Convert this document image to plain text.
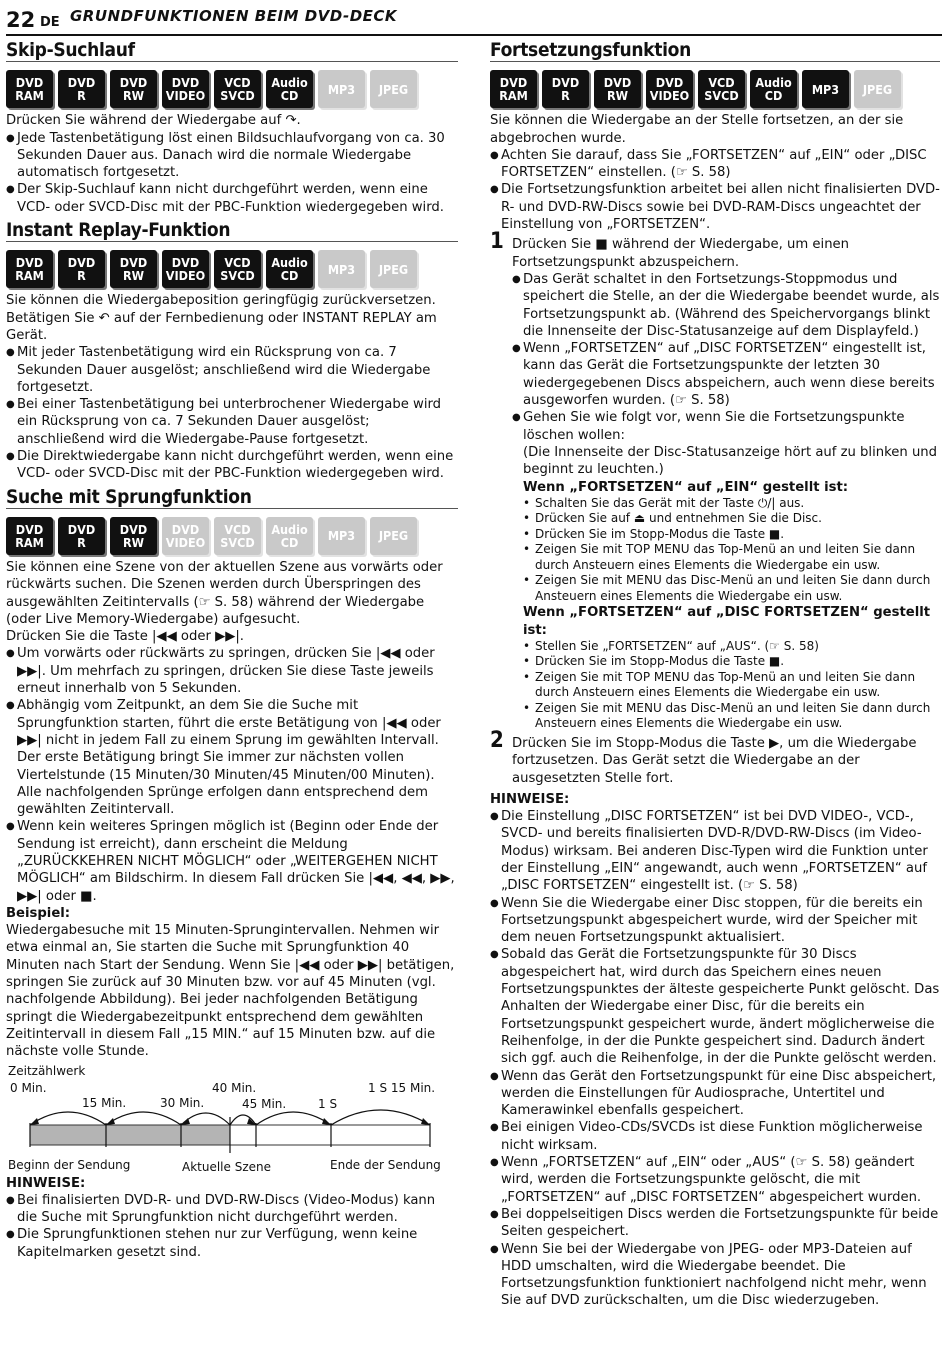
22 DE GRUNDFUNKTIONEN BEIM DVD-DECK
Skip-Suchlauf
DVD
RAM
DVD
R
DVD
RW
DVD
VIDEO
VCD
SVCD
Audio
CD	MP3	JPEG

Drücken Sie während der Wiedergabe auf ↷.

● Jede Tastenbetätigung löst einen Bildsuchlaufvorgang von ca. 30 Sekunden Dauer aus. Danach wird die normale Wiedergabe automatisch fortgesetzt.
● Der Skip-Suchlauf kann nicht durchgeführt werden, wenn eine VCD- oder SVCD-Disc mit der PBC-Funktion wiedergegeben wird.
Instant Replay-Funktion
DVD
RAM
DVD
R
DVD
RW
DVD
VIDEO
VCD
SVCD
Audio
CD	MP3	JPEG

Sie können die Wiedergabeposition geringfügig zurückversetzen. Betätigen Sie ↶ auf der Fernbedienung oder INSTANT REPLAY am Gerät.

● Mit jeder Tastenbetätigung wird ein Rücksprung von ca. 7 Sekunden Dauer ausgelöst; anschließend wird die Wiedergabe fortgesetzt.
● Bei einer Tastenbetätigung bei unterbrochener Wiedergabe wird ein Rücksprung von ca. 7 Sekunden Dauer ausgelöst; anschließend wird die Wiedergabe-Pause fortgesetzt.
● Die Direktwiedergabe kann nicht durchgeführt werden, wenn eine VCD- oder SVCD-Disc mit der PBC-Funktion wiedergegeben wird.
Suche mit Sprungfunktion
DVD
RAM
DVD
R
DVD
RW
DVD
VIDEO
VCD
SVCD
Audio
CD	MP3	JPEG

Sie können eine Szene von der aktuellen Szene aus vorwärts oder rückwärts suchen. Die Szenen werden durch Überspringen des ausgewählten Zeitintervalls (☞ S. 58) während der Wiedergabe (oder Live Memory-Wiedergabe) aufgesucht.

Drücken Sie die Taste |◀◀ oder ▶▶|.

● Um vorwärts oder rückwärts zu springen, drücken Sie |◀◀ oder ▶▶|. Um mehrfach zu springen, drücken Sie diese Taste jeweils erneut innerhalb von 5 Sekunden.
● Abhängig vom Zeitpunkt, an dem Sie die Suche mit Sprungfunktion starten, führt die erste Betätigung von |◀◀ oder ▶▶| nicht in jedem Fall zu einem Sprung im gewählten Intervall. Der erste Betätigung bringt Sie immer zur nächsten vollen Viertelstunde (15 Minuten/30 Minuten/45 Minuten/00 Minuten). Alle nachfolgenden Sprünge erfolgen dann entsprechend dem gewählten Zeitintervall.
● Wenn kein weiteres Springen möglich ist (Beginn oder Ende der Sendung ist erreicht), dann erscheint die Meldung „ZURÜCKKEHREN NICHT MÖGLICH“ oder „WEITERGEHEN NICHT MÖGLICH“ am Bildschirm. In diesem Fall drücken Sie |◀◀, ◀◀, ▶▶, ▶▶| oder ■.

Beispiel:

Wiedergabesuche mit 15 Minuten-Sprungintervallen. Nehmen wir etwa einmal an, Sie starten die Suche mit Sprungfunktion 40 Minuten nach Start der Sendung. Wenn Sie |◀◀ oder ▶▶| betätigen, springen Sie zurück auf 30 Minuten bzw. vor auf 45 Minuten (vgl. nachfolgende Abbildung). Bei jeder nachfolgenden Betätigung springt die Wiedergabezeitpunkt entsprechend dem gewählten Zeitintervall in diesem Fall „15 MIN.“ auf 15 Minuten bzw. auf die nächste volle Stunde.

Zeitzählwerk
0 Min.	40 Min.	1 S 15 Min.
15 Min.	30 Min.	45 Min.	1 S
Beginn der Sendung	Aktuelle Szene	Ende der Sendung

HINWEISE:

● Bei finalisierten DVD-R- und DVD-RW-Discs (Video-Modus) kann die Suche mit Sprungfunktion nicht durchgeführt werden.
● Die Sprungfunktionen stehen nur zur Verfügung, wenn keine Kapitelmarken gesetzt sind.
Fortsetzungsfunktion
DVD
RAM
DVD
R
DVD
RW
DVD
VIDEO
VCD
SVCD
Audio
CD	MP3	JPEG

Sie können die Wiedergabe an der Stelle fortsetzen, an der sie abgebrochen wurde.

● Achten Sie darauf, dass Sie „FORTSETZEN“ auf „EIN“ oder „DISC FORTSETZEN“ einstellen. (☞ S. 58)
● Die Fortsetzungsfunktion arbeitet bei allen nicht finalisierten DVD-R- und DVD-RW-Discs sowie bei DVD-RAM-Discs ungeachtet der Einstellung von „FORTSETZEN“.
1 Drücken Sie ■ während der Wiedergabe, um einen Fortsetzungspunkt abzuspeichern.

● Das Gerät schaltet in den Fortsetzungs-Stoppmodus und speichert die Stelle, an der die Wiedergabe beendet wurde, als Fortsetzungspunkt ab. (Während des Speichervorgangs blinkt die Innenseite der Disc-Statusanzeige auf dem Displayfeld.)
● Wenn „FORTSETZEN“ auf „DISC FORTSETZEN“ eingestellt ist, kann das Gerät die Fortsetzungspunkte der letzten 30 wiedergegebenen Discs abspeichern, auch wenn diese bereits ausgeworfen wurden. (☞ S. 58)
● Gehen Sie wie folgt vor, wenn Sie die Fortsetzungspunkte löschen wollen:

(Die Innenseite der Disc-Statusanzeige hört auf zu blinken und beginnt zu leuchten.)

Wenn „FORTSETZEN“ auf „EIN“ gestellt ist:

• Schalten Sie das Gerät mit der Taste ⏻/| aus.
• Drücken Sie auf ⏏ und entnehmen Sie die Disc.
• Drücken Sie im Stopp-Modus die Taste ■.
• Zeigen Sie mit TOP MENU das Top-Menü an und leiten Sie dann durch Ansteuern eines Elements die Wiedergabe ein usw.
• Zeigen Sie mit MENU das Disc-Menü an und leiten Sie dann durch Ansteuern eines Elements die Wiedergabe ein usw.

Wenn „FORTSETZEN“ auf „DISC FORTSETZEN“ gestellt ist:

• Stellen Sie „FORTSETZEN“ auf „AUS“. (☞ S. 58)
• Drücken Sie im Stopp-Modus die Taste ■.
• Zeigen Sie mit TOP MENU das Top-Menü an und leiten Sie dann durch Ansteuern eines Elements die Wiedergabe ein usw.
• Zeigen Sie mit MENU das Disc-Menü an und leiten Sie dann durch Ansteuern eines Elements die Wiedergabe ein usw.
2 Drücken Sie im Stopp-Modus die Taste ▶, um die Wiedergabe fortzusetzen. Das Gerät setzt die Wiedergabe an der ausgesetzten Stelle fort.

HINWEISE:

● Die Einstellung „DISC FORTSETZEN“ ist bei DVD VIDEO-, VCD-, SVCD- und bereits finalisierten DVD-R/DVD-RW-Discs (im Video-Modus) wirksam. Bei anderen Disc-Typen wird die Funktion unter der Einstellung „EIN“ angewandt, auch wenn „FORTSETZEN“ auf „DISC FORTSETZEN“ eingestellt ist. (☞ S. 58)
● Wenn Sie die Wiedergabe einer Disc stoppen, für die bereits ein Fortsetzungspunkt abgespeichert wurde, wird der Speicher mit dem neuen Fortsetzungspunkt aktualisiert.
● Sobald das Gerät die Fortsetzungspunkte für 30 Discs abgespeichert hat, wird durch das Speichern eines neuen Fortsetzungspunktes der älteste gespeicherte Punkt gelöscht. Das Anhalten der Wiedergabe einer Disc, für die bereits ein Fortsetzungspunkt gespeichert wurde, ändert möglicherweise die Reihenfolge, in der die Punkte gespeichert sind. Dadurch ändert sich ggf. auch die Reihenfolge, in der die Punkte gelöscht werden.
● Wenn das Gerät den Fortsetzungspunkt für eine Disc abspeichert, werden die Einstellungen für Audiosprache, Untertitel und Kamerawinkel ebenfalls gespeichert.
● Bei einigen Video-CDs/SVCDs ist diese Funktion möglicherweise nicht wirksam.
● Wenn „FORTSETZEN“ auf „EIN“ oder „AUS“ (☞ S. 58) geändert wird, werden die Fortsetzungspunkte gelöscht, die mit „FORTSETZEN“ auf „DISC FORTSETZEN“ abgespeichert wurden.
● Bei doppelseitigen Discs werden die Fortsetzungspunkte für beide Seiten gespeichert.
● Wenn Sie bei der Wiedergabe von JPEG- oder MP3-Dateien auf HDD umschalten, wird die Wiedergabe beendet. Die Fortsetzungsfunktion funktioniert nachfolgend nicht mehr, wenn Sie auf DVD zurückschalten, um die Disc wiederzugeben.
